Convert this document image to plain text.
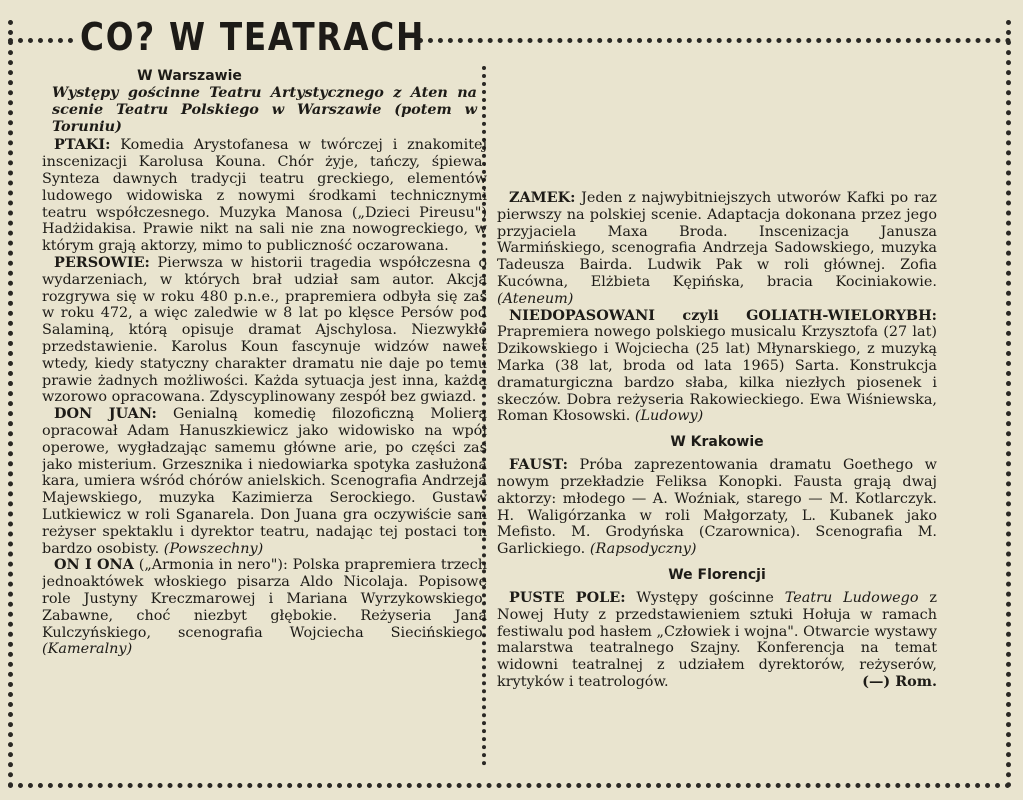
CO? W TEATRACH
W Warszawie
Występy gościnne Teatru Artystycznego z Aten na scenie Teatru Polskiego w Warszawie (potem w Toruniu)

PTAKI: Komedia Arystofanesa w twórczej i znakomitej inscenizacji Karolusa Kouna. Chór żyje, tańczy, śpiewa. Synteza dawnych tradycji teatru greckiego, elementów ludowego widowiska z nowymi środkami technicznymi teatru współczesnego. Muzyka Manosa („Dzieci Pireusu") Hadżidakisa. Prawie nikt na sali nie zna nowogreckiego, w którym grają aktorzy, mimo to publiczność oczarowana.

PERSOWIE: Pierwsza w historii tragedia współczesna o wydarzeniach, w których brał udział sam autor. Akcja rozgrywa się w roku 480 p.n.e., prapremiera odbyła się zaś w roku 472, a więc zaledwie w 8 lat po klęsce Persów pod Salaminą, którą opisuje dramat Ajschylosa. Niezwykłe przedstawienie. Karolus Koun fascynuje widzów nawet wtedy, kiedy statyczny charakter dramatu nie daje po temu prawie żadnych możliwości. Każda sytuacja jest inna, każda wzorowo opracowana. Zdyscyplinowany zespół bez gwiazd.

DON JUAN: Genialną komedię filozoficzną Moliera opracował Adam Hanuszkiewicz jako widowisko na wpół operowe, wygładzając samemu główne arie, po części zaś jako misterium. Grzesznika i niedowiarka spotyka zasłużona kara, umiera wśród chórów anielskich. Scenografia Andrzeja Majewskiego, muzyka Kazimierza Serockiego. Gustaw Lutkiewicz w roli Sganarela. Don Juana gra oczywiście sam reżyser spektaklu i dyrektor teatru, nadając tej postaci ton bardzo osobisty. (Powszechny)

ON I ONA („Armonia in nero"): Polska prapremiera trzech jednoaktówek włoskiego pisarza Aldo Nicolaja. Popisowe role Justyny Kreczmarowej i Mariana Wyrzykowskiego. Zabawne, choć niezbyt głębokie. Reżyseria Jana Kulczyńskiego, scenografia Wojciecha Siecińskiego. (Kameralny)

ZAMEK: Jeden z najwybitniejszych utworów Kafki po raz pierwszy na polskiej scenie. Adaptacja dokonana przez jego przyjaciela Maxa Broda. Inscenizacja Janusza Warmińskiego, scenografia Andrzeja Sadowskiego, muzyka Tadeusza Bairda. Ludwik Pak w roli głównej. Zofia Kucówna, Elżbieta Kępińska, bracia Kociniakowie. (Ateneum)

NIEDOPASOWANI czyli GOLIATH-WIELORYBH: Prapremiera nowego polskiego musicalu Krzysztofa (27 lat) Dzikowskiego i Wojciecha (25 lat) Młynarskiego, z muzyką Marka (38 lat, broda od lata 1965) Sarta. Konstrukcja dramaturgiczna bardzo słaba, kilka niezłych piosenek i skeczów. Dobra reżyseria Rakowieckiego. Ewa Wiśniewska, Roman Kłosowski. (Ludowy)

W Krakowie

FAUST: Próba zaprezentowania dramatu Goethego w nowym przekładzie Feliksa Konopki. Fausta grają dwaj aktorzy: młodego — A. Woźniak, starego — M. Kotlarczyk. H. Waligórzanka w roli Małgorzaty, L. Kubanek jako Mefisto. M. Grodyńska (Czarownica). Scenografia M. Garlickiego. (Rapsodyczny)

We Florencji

PUSTE POLE: Występy gościnne Teatru Ludowego z Nowej Huty z przedstawieniem sztuki Hołuja w ramach festiwalu pod hasłem „Człowiek i wojna". Otwarcie wystawy malarstwa teatralnego Szajny. Konferencja na temat widowni teatralnej z udziałem dyrektorów, reżyserów, krytyków i teatrologów.	(—) Rom.
